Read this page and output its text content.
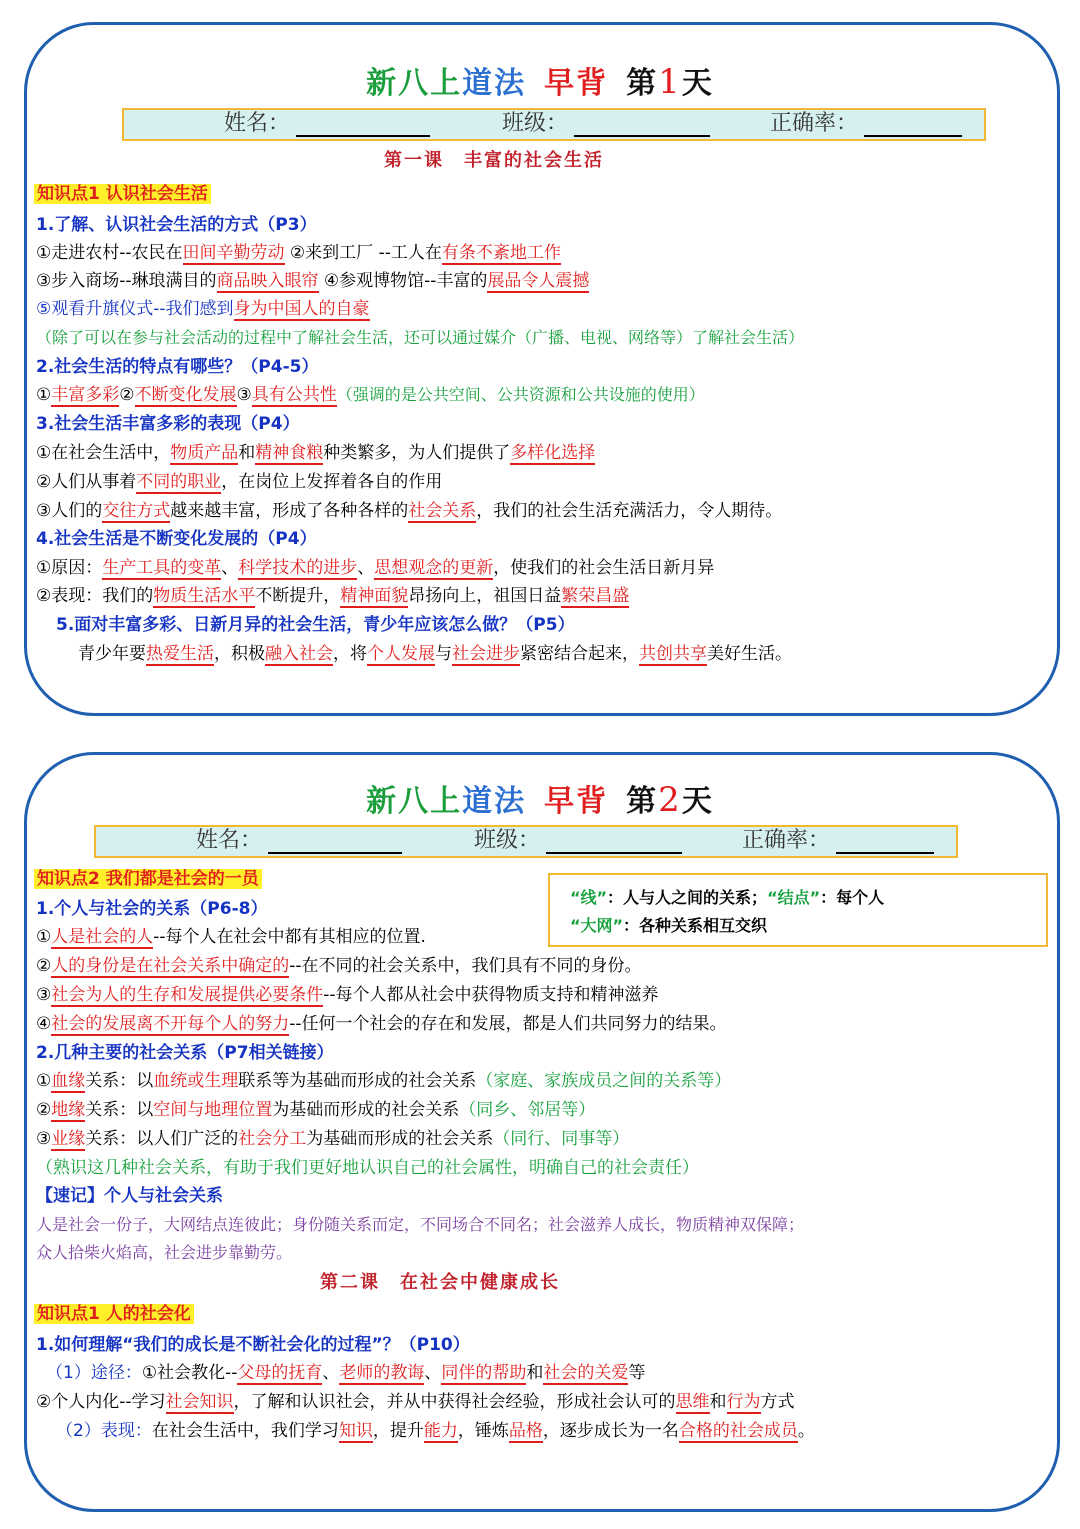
新八上道法 早背 第1天
姓名：	班级：	正确率：
第一课　丰富的社会生活
知识点1 认识社会生活
1.了解、认识社会生活的方式（P3）
①走进农村--农民在田间辛勤劳动 ②来到工厂 --工人在有条不紊地工作
③步入商场--琳琅满目的商品映入眼帘 ④参观博物馆--丰富的展品令人震撼
⑤观看升旗仪式--我们感到身为中国人的自豪
（除了可以在参与社会活动的过程中了解社会生活，还可以通过媒介（广播、电视、网络等）了解社会生活）
2.社会生活的特点有哪些？（P4-5）
①丰富多彩②不断变化发展③具有公共性（强调的是公共空间、公共资源和公共设施的使用）
3.社会生活丰富多彩的表现（P4）
①在社会生活中，物质产品和精神食粮种类繁多，为人们提供了多样化选择
②人们从事着不同的职业，在岗位上发挥着各自的作用
③人们的交往方式越来越丰富，形成了各种各样的社会关系，我们的社会生活充满活力，令人期待。
4.社会生活是不断变化发展的（P4）
①原因：生产工具的变革、科学技术的进步、思想观念的更新，使我们的社会生活日新月异
②表现：我们的物质生活水平不断提升，精神面貌昂扬向上，祖国日益繁荣昌盛
5.面对丰富多彩、日新月异的社会生活，青少年应该怎么做？（P5）
青少年要热爱生活，积极融入社会，将个人发展与社会进步紧密结合起来，共创共享美好生活。
新八上道法 早背 第2天
姓名：	班级：	正确率：
知识点2 我们都是社会的一员
“线”：人与人之间的关系；“结点”：每个人
“大网”：各种关系相互交织
1.个人与社会的关系（P6-8）
①人是社会的人--每个人在社会中都有其相应的位置.
②人的身份是在社会关系中确定的--在不同的社会关系中，我们具有不同的身份。
③社会为人的生存和发展提供必要条件--每个人都从社会中获得物质支持和精神滋养
④社会的发展离不开每个人的努力--任何一个社会的存在和发展，都是人们共同努力的结果。
2.几种主要的社会关系（P7相关链接）
①血缘关系：以血统或生理联系等为基础而形成的社会关系（家庭、家族成员之间的关系等）
②地缘关系：以空间与地理位置为基础而形成的社会关系（同乡、邻居等）
③业缘关系：以人们广泛的社会分工为基础而形成的社会关系（同行、同事等）
（熟识这几种社会关系，有助于我们更好地认识自己的社会属性，明确自己的社会责任）
【速记】个人与社会关系
人是社会一份子，大网结点连彼此；身份随关系而定，不同场合不同名；社会滋养人成长，物质精神双保障；
众人拾柴火焰高，社会进步靠勤劳。
第二课　在社会中健康成长
知识点1 人的社会化
1.如何理解“我们的成长是不断社会化的过程”？（P10）
（1）途径：①社会教化--父母的抚育、老师的教诲、同伴的帮助和社会的关爱等
②个人内化--学习社会知识，了解和认识社会，并从中获得社会经验，形成社会认可的思维和行为方式
（2）表现：在社会生活中，我们学习知识，提升能力，锤炼品格，逐步成长为一名合格的社会成员。
